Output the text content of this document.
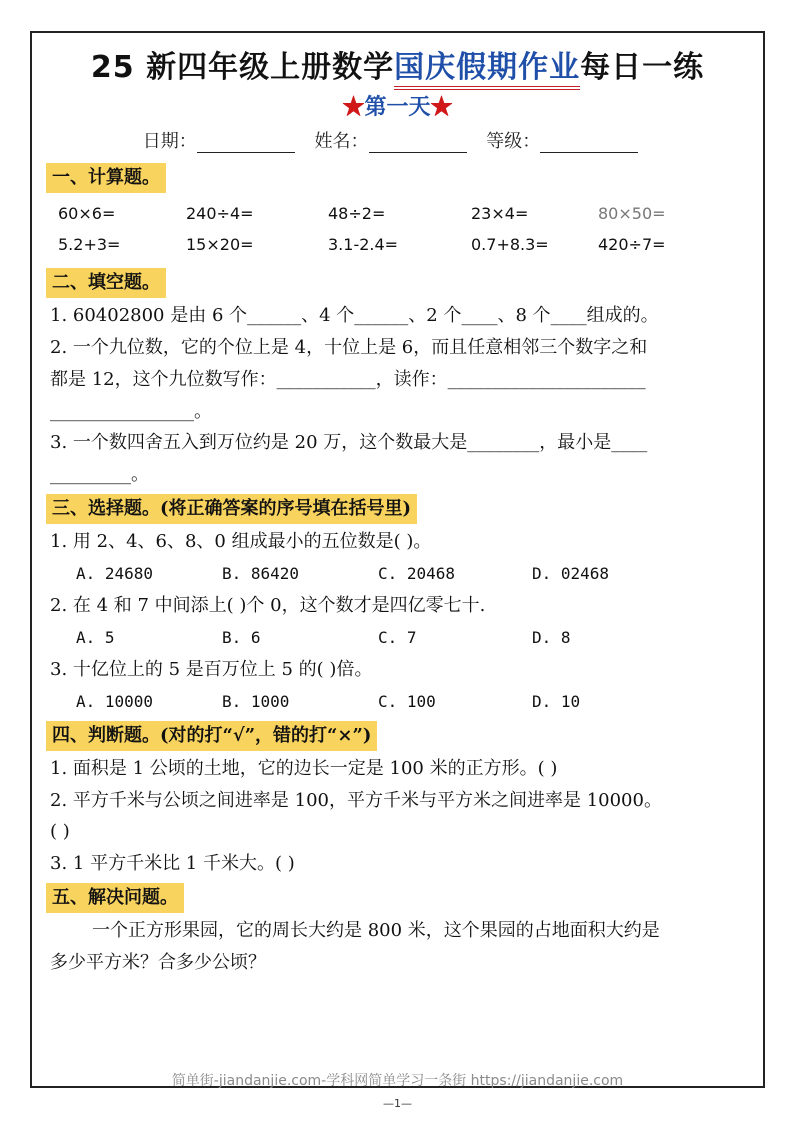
25 新四年级上册数学国庆假期作业每日一练
★第一天★
日期：	姓名：	等级：
一、计算题。
60×6=	240÷4=	48÷2=	23×4=	80×50=
5.2+3=	15×20=	3.1-2.4=	0.7+8.3=	420÷7=
二、填空题。
1. 60402800 是由 6 个______、4 个______、2 个____、8 个____组成的。
2. 一个九位数，它的个位上是 4，十位上是 6，而且任意相邻三个数字之和
都是 12，这个九位数写作：___________，读作：______________________
________________。
3. 一个数四舍五入到万位约是 20 万，这个数最大是________，最小是____
_________。
三、选择题。(将正确答案的序号填在括号里)
1. 用 2、4、6、8、0 组成最小的五位数是( )。
A. 24680	B. 86420	C. 20468	D. 02468
2. 在 4 和 7 中间添上( )个 0，这个数才是四亿零七十.
A. 5	B. 6	C. 7	D. 8
3. 十亿位上的 5 是百万位上 5 的( )倍。
A. 10000	B. 1000	C. 100	D. 10
四、判断题。(对的打“√”，错的打“×”)
1. 面积是 1 公顷的土地，它的边长一定是 100 米的正方形。( )
2. 平方千米与公顷之间进率是 100，平方千米与平方米之间进率是 10000。
( )
3. 1 平方千米比 1 千米大。( )
五、解决问题。
一个正方形果园，它的周长大约是 800 米，这个果园的占地面积大约是
多少平方米？合多少公顷？
简单街-jiandanjie.com-学科网简单学习一条街 https://jiandanjie.com
—1—
